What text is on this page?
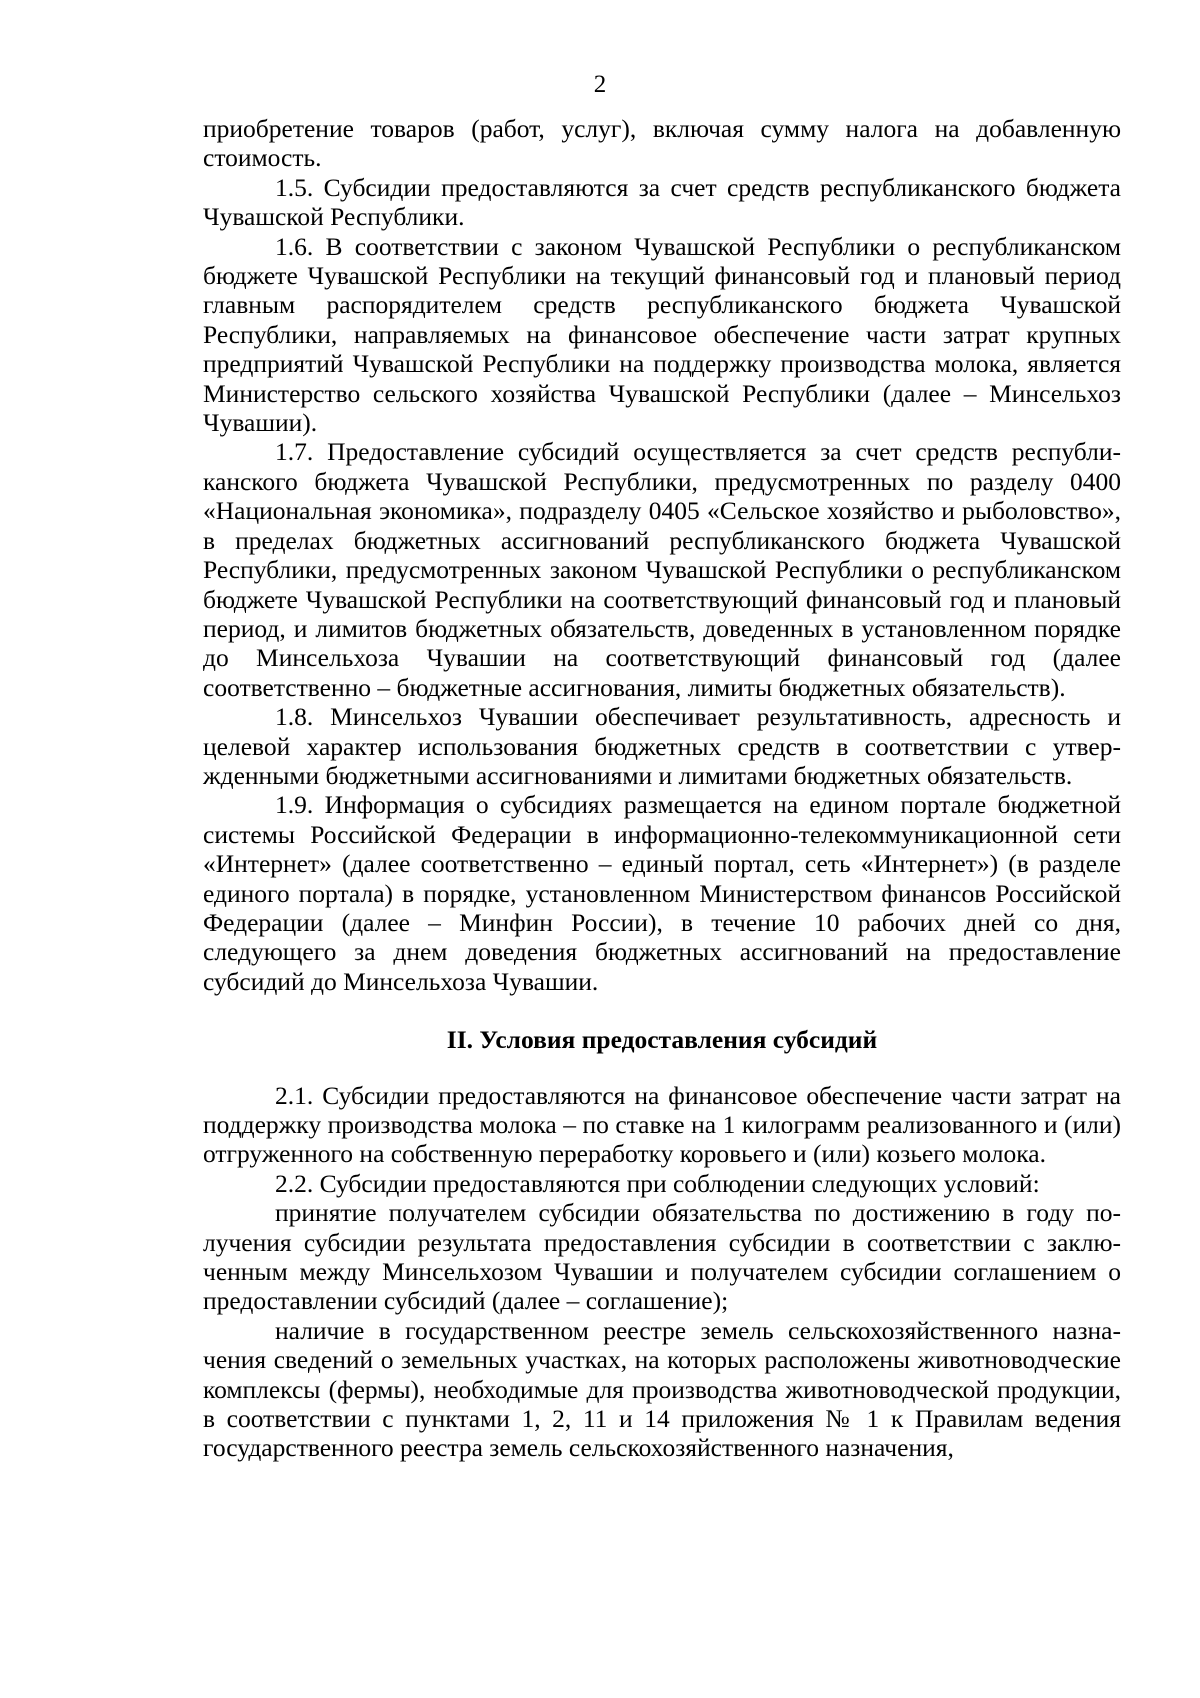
2

приобретение товаров (работ, услуг), включая сумму налога на добавленную стоимость.

1.5. Субсидии предоставляются за счет средств республиканского бюджета Чувашской Республики.

1.6. В соответствии с законом Чувашской Республики о республиканском бюджете Чувашской Республики на текущий финансовый год и плановый период главным распорядителем средств республиканского бюджета Чувашской Республики, направляемых на финансовое обеспечение части затрат крупных предприятий Чувашской Республики на поддержку производства молока, является Министерство сельского хозяйства Чувашской Республики (далее – Минсельхоз Чувашии).

1.7. Предоставление субсидий осуществляется за счет средств республиканского бюджета Чувашской Республики, предусмотренных по разделу 0400 «Национальная экономика», подразделу 0405 «Сельское хозяйство и рыболовство», в пределах бюджетных ассигнований республиканского бюджета Чувашской Республики, предусмотренных законом Чувашской Республики о республиканском бюджете Чувашской Республики на соответствующий финансовый год и плановый период, и лимитов бюджетных обязательств, доведенных в установленном порядке до Минсельхоза Чувашии на соответствующий финансовый год (далее соответственно – бюджетные ассигнования, лимиты бюджетных обязательств).

1.8. Минсельхоз Чувашии обеспечивает результативность, адресность и целевой характер использования бюджетных средств в соответствии с утвержденными бюджетными ассигнованиями и лимитами бюджетных обязательств.

1.9. Информация о субсидиях размещается на едином портале бюджетной системы Российской Федерации в информационно-телекоммуникационной сети «Интернет» (далее соответственно – единый портал, сеть «Интернет») (в разделе единого портала) в порядке, установленном Министерством финансов Российской Федерации (далее – Минфин России), в течение 10 рабочих дней со дня, следующего за днем доведения бюджетных ассигнований на предоставление субсидий до Минсельхоза Чувашии.

II. Условия предоставления субсидий

2.1. Субсидии предоставляются на финансовое обеспечение части затрат на поддержку производства молока – по ставке на 1 килограмм реализованного и (или) отгруженного на собственную переработку коровьего и (или) козьего молока.

2.2. Субсидии предоставляются при соблюдении следующих условий:

принятие получателем субсидии обязательства по достижению в году получения субсидии результата предоставления субсидии в соответствии с заключенным между Минсельхозом Чувашии и получателем субсидии соглашением о предоставлении субсидий (далее – соглашение);

наличие в государственном реестре земель сельскохозяйственного назначения сведений о земельных участках, на которых расположены животноводческие комплексы (фермы), необходимые для производства животноводческой продукции, в соответствии с пунктами 1, 2, 11 и 14 приложения № 1 к Правилам ведения государственного реестра земель сельскохозяйственного назначения,
